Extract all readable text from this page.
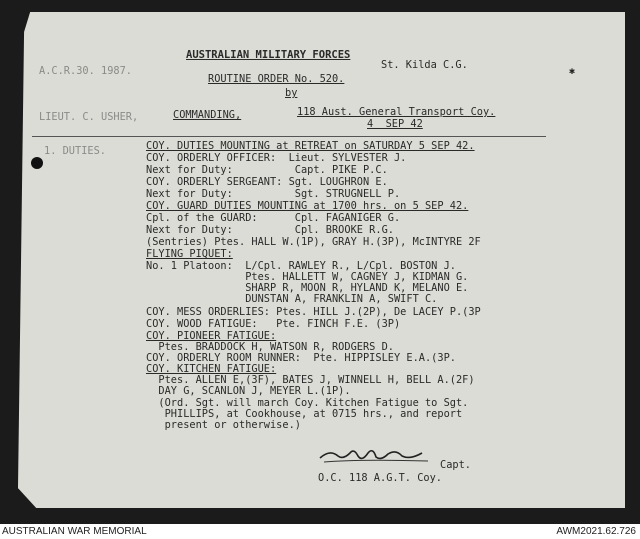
✱
AUSTRALIAN MILITARY FORCES
St. Kilda C.G.
A.C.R.30. 1987.
ROUTINE ORDER No. 520.
by
LIEUT. C. USHER,	COMMANDING,	118 Aust. General Transport Coy.
4  SEP 42
1. DUTIES.	COY. DUTIES MOUNTING at RETREAT on SATURDAY 5 SEP 42.
COY. ORDERLY OFFICER:  Lieut. SYLVESTER J.
Next for Duty:          Capt. PIKE P.C.
COY. ORDERLY SERGEANT: Sgt. LOUGHRON E.
Next for Duty:          Sgt. STRUGNELL P.
COY. GUARD DUTIES MOUNTING at 1700 hrs. on 5 SEP 42.
Cpl. of the GUARD:      Cpl. FAGANIGER G.
Next for Duty:          Cpl. BROOKE R.G.
(Sentries) Ptes. HALL W.(1P), GRAY H.(3P), McINTYRE 2F
FLYING PIQUET:
No. 1 Platoon:  L/Cpl. RAWLEY R., L/Cpl. BOSTON J.
Ptes. HALLETT W, CAGNEY J, KIDMAN G.
SHARP R, MOON R, HYLAND K, MELANO E.
DUNSTAN A, FRANKLIN A, SWIFT C.
COY. MESS ORDERLIES: Ptes. HILL J.(2P), De LACEY P.(3P
COY. WOOD FATIGUE:   Pte. FINCH F.E. (3P)
COY. PIONEER FATIGUE:
Ptes. BRADDOCK H, WATSON R, RODGERS D.
COY. ORDERLY ROOM RUNNER:  Pte. HIPPISLEY E.A.(3P.
COY. KITCHEN FATIGUE:
Ptes. ALLEN E,(3F), BATES J, WINNELL H, BELL A.(2F)
DAY G, SCANLON J, MEYER L.(1P).
(Ord. Sgt. will march Coy. Kitchen Fatigue to Sgt.
PHILLIPS, at Cookhouse, at 0715 hrs., and report
present or otherwise.)
Capt.
O.C. 118 A.G.T. Coy.
AUSTRALIAN WAR MEMORIAL	AWM2021.62.726
